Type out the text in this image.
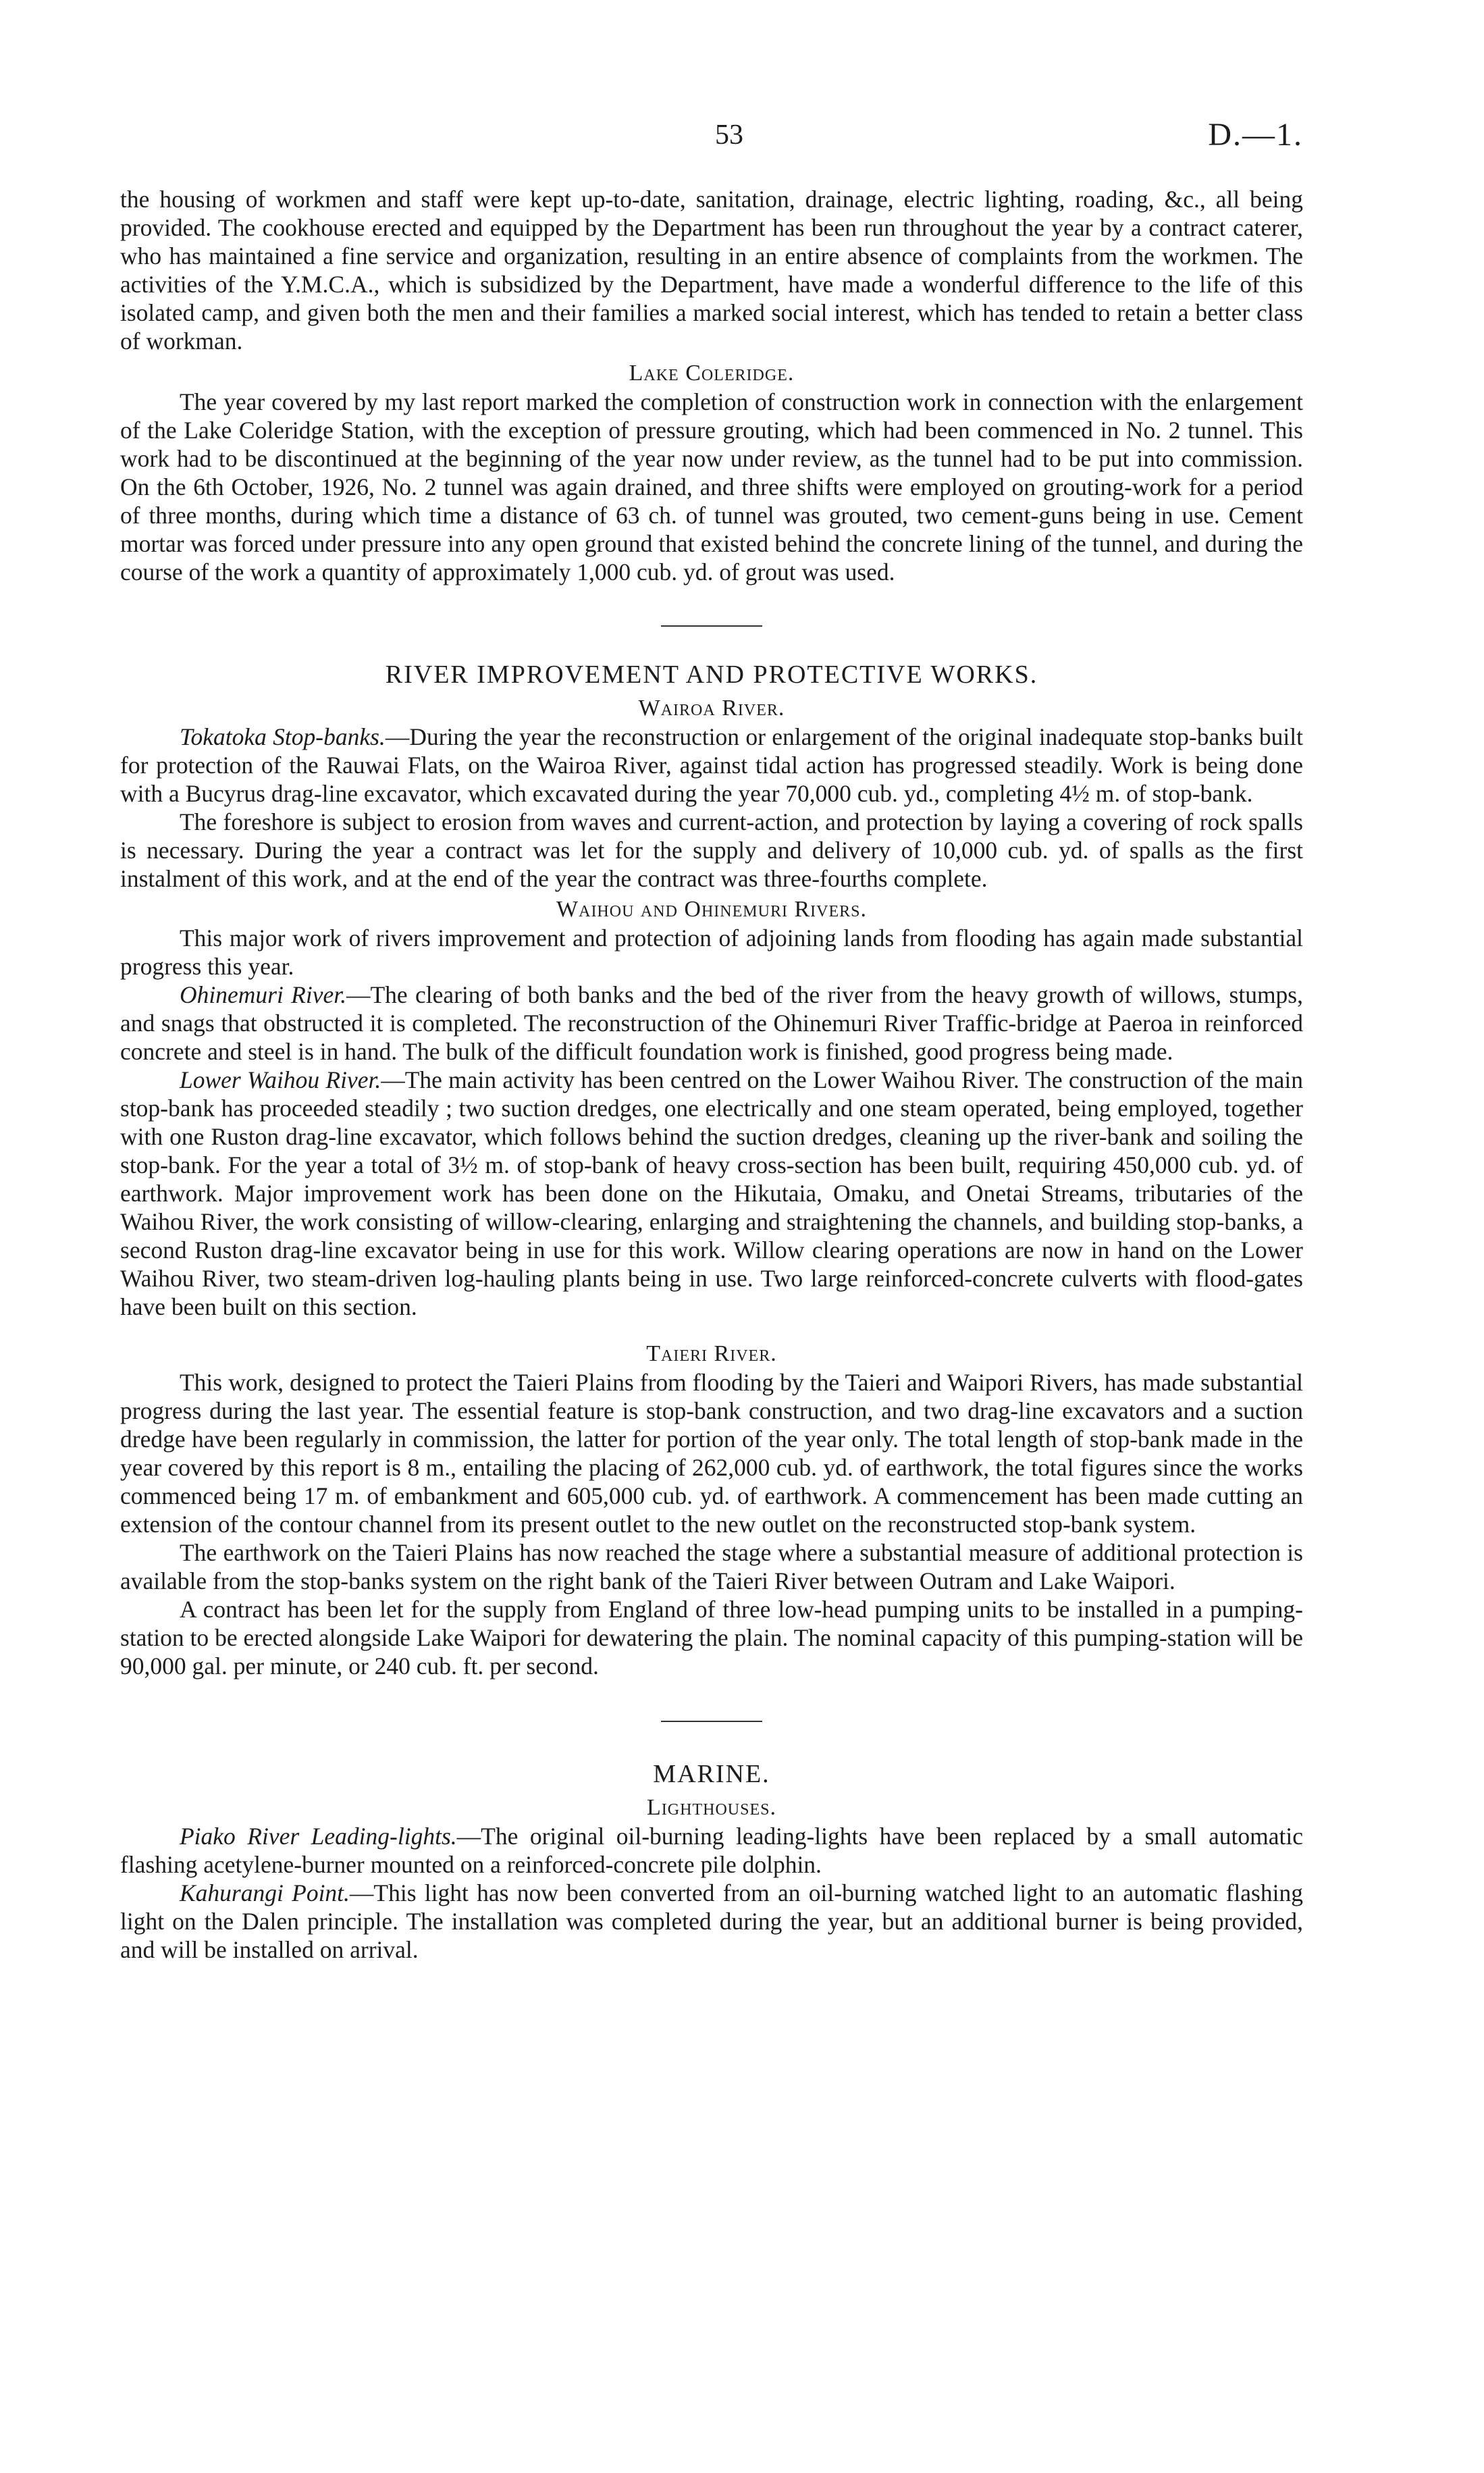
53	D.—1.

the housing of workmen and staff were kept up-to-date, sanitation, drainage, electric lighting, roading, &c., all being provided. The cookhouse erected and equipped by the Department has been run throughout the year by a contract caterer, who has maintained a fine service and organization, resulting in an entire absence of complaints from the workmen. The activities of the Y.M.C.A., which is subsidized by the Department, have made a wonderful difference to the life of this isolated camp, and given both the men and their families a marked social interest, which has tended to retain a better class of workman.

Lake Coleridge.

The year covered by my last report marked the completion of construction work in connection with the enlargement of the Lake Coleridge Station, with the exception of pressure grouting, which had been commenced in No. 2 tunnel. This work had to be discontinued at the beginning of the year now under review, as the tunnel had to be put into commission. On the 6th October, 1926, No. 2 tunnel was again drained, and three shifts were employed on grouting-work for a period of three months, during which time a distance of 63 ch. of tunnel was grouted, two cement-guns being in use. Cement mortar was forced under pressure into any open ground that existed behind the concrete lining of the tunnel, and during the course of the work a quantity of approximately 1,000 cub. yd. of grout was used.

RIVER IMPROVEMENT AND PROTECTIVE WORKS.

Wairoa River.

Tokatoka Stop-banks.—During the year the reconstruction or enlargement of the original inadequate stop-banks built for protection of the Rauwai Flats, on the Wairoa River, against tidal action has progressed steadily. Work is being done with a Bucyrus drag-line excavator, which excavated during the year 70,000 cub. yd., completing 4½ m. of stop-bank.

The foreshore is subject to erosion from waves and current-action, and protection by laying a covering of rock spalls is necessary. During the year a contract was let for the supply and delivery of 10,000 cub. yd. of spalls as the first instalment of this work, and at the end of the year the contract was three-fourths complete.

Waihou and Ohinemuri Rivers.

This major work of rivers improvement and protection of adjoining lands from flooding has again made substantial progress this year.

Ohinemuri River.—The clearing of both banks and the bed of the river from the heavy growth of willows, stumps, and snags that obstructed it is completed. The reconstruction of the Ohinemuri River Traffic-bridge at Paeroa in reinforced concrete and steel is in hand. The bulk of the difficult foundation work is finished, good progress being made.

Lower Waihou River.—The main activity has been centred on the Lower Waihou River. The construction of the main stop-bank has proceeded steadily ; two suction dredges, one electrically and one steam operated, being employed, together with one Ruston drag-line excavator, which follows behind the suction dredges, cleaning up the river-bank and soiling the stop-bank. For the year a total of 3½ m. of stop-bank of heavy cross-section has been built, requiring 450,000 cub. yd. of earthwork. Major improvement work has been done on the Hikutaia, Omaku, and Onetai Streams, tributaries of the Waihou River, the work consisting of willow-clearing, enlarging and straightening the channels, and building stop-banks, a second Ruston drag-line excavator being in use for this work. Willow clearing operations are now in hand on the Lower Waihou River, two steam-driven log-hauling plants being in use. Two large reinforced-concrete culverts with flood-gates have been built on this section.

Taieri River.

This work, designed to protect the Taieri Plains from flooding by the Taieri and Waipori Rivers, has made substantial progress during the last year. The essential feature is stop-bank construction, and two drag-line excavators and a suction dredge have been regularly in commission, the latter for portion of the year only. The total length of stop-bank made in the year covered by this report is 8 m., entailing the placing of 262,000 cub. yd. of earthwork, the total figures since the works commenced being 17 m. of embankment and 605,000 cub. yd. of earthwork. A commencement has been made cutting an extension of the contour channel from its present outlet to the new outlet on the reconstructed stop-bank system.

The earthwork on the Taieri Plains has now reached the stage where a substantial measure of additional protection is available from the stop-banks system on the right bank of the Taieri River between Outram and Lake Waipori.

A contract has been let for the supply from England of three low-head pumping units to be installed in a pumping-station to be erected alongside Lake Waipori for dewatering the plain. The nominal capacity of this pumping-station will be 90,000 gal. per minute, or 240 cub. ft. per second.

MARINE.

Lighthouses.

Piako River Leading-lights.—The original oil-burning leading-lights have been replaced by a small automatic flashing acetylene-burner mounted on a reinforced-concrete pile dolphin.

Kahurangi Point.—This light has now been converted from an oil-burning watched light to an automatic flashing light on the Dalen principle. The installation was completed during the year, but an additional burner is being provided, and will be installed on arrival.
